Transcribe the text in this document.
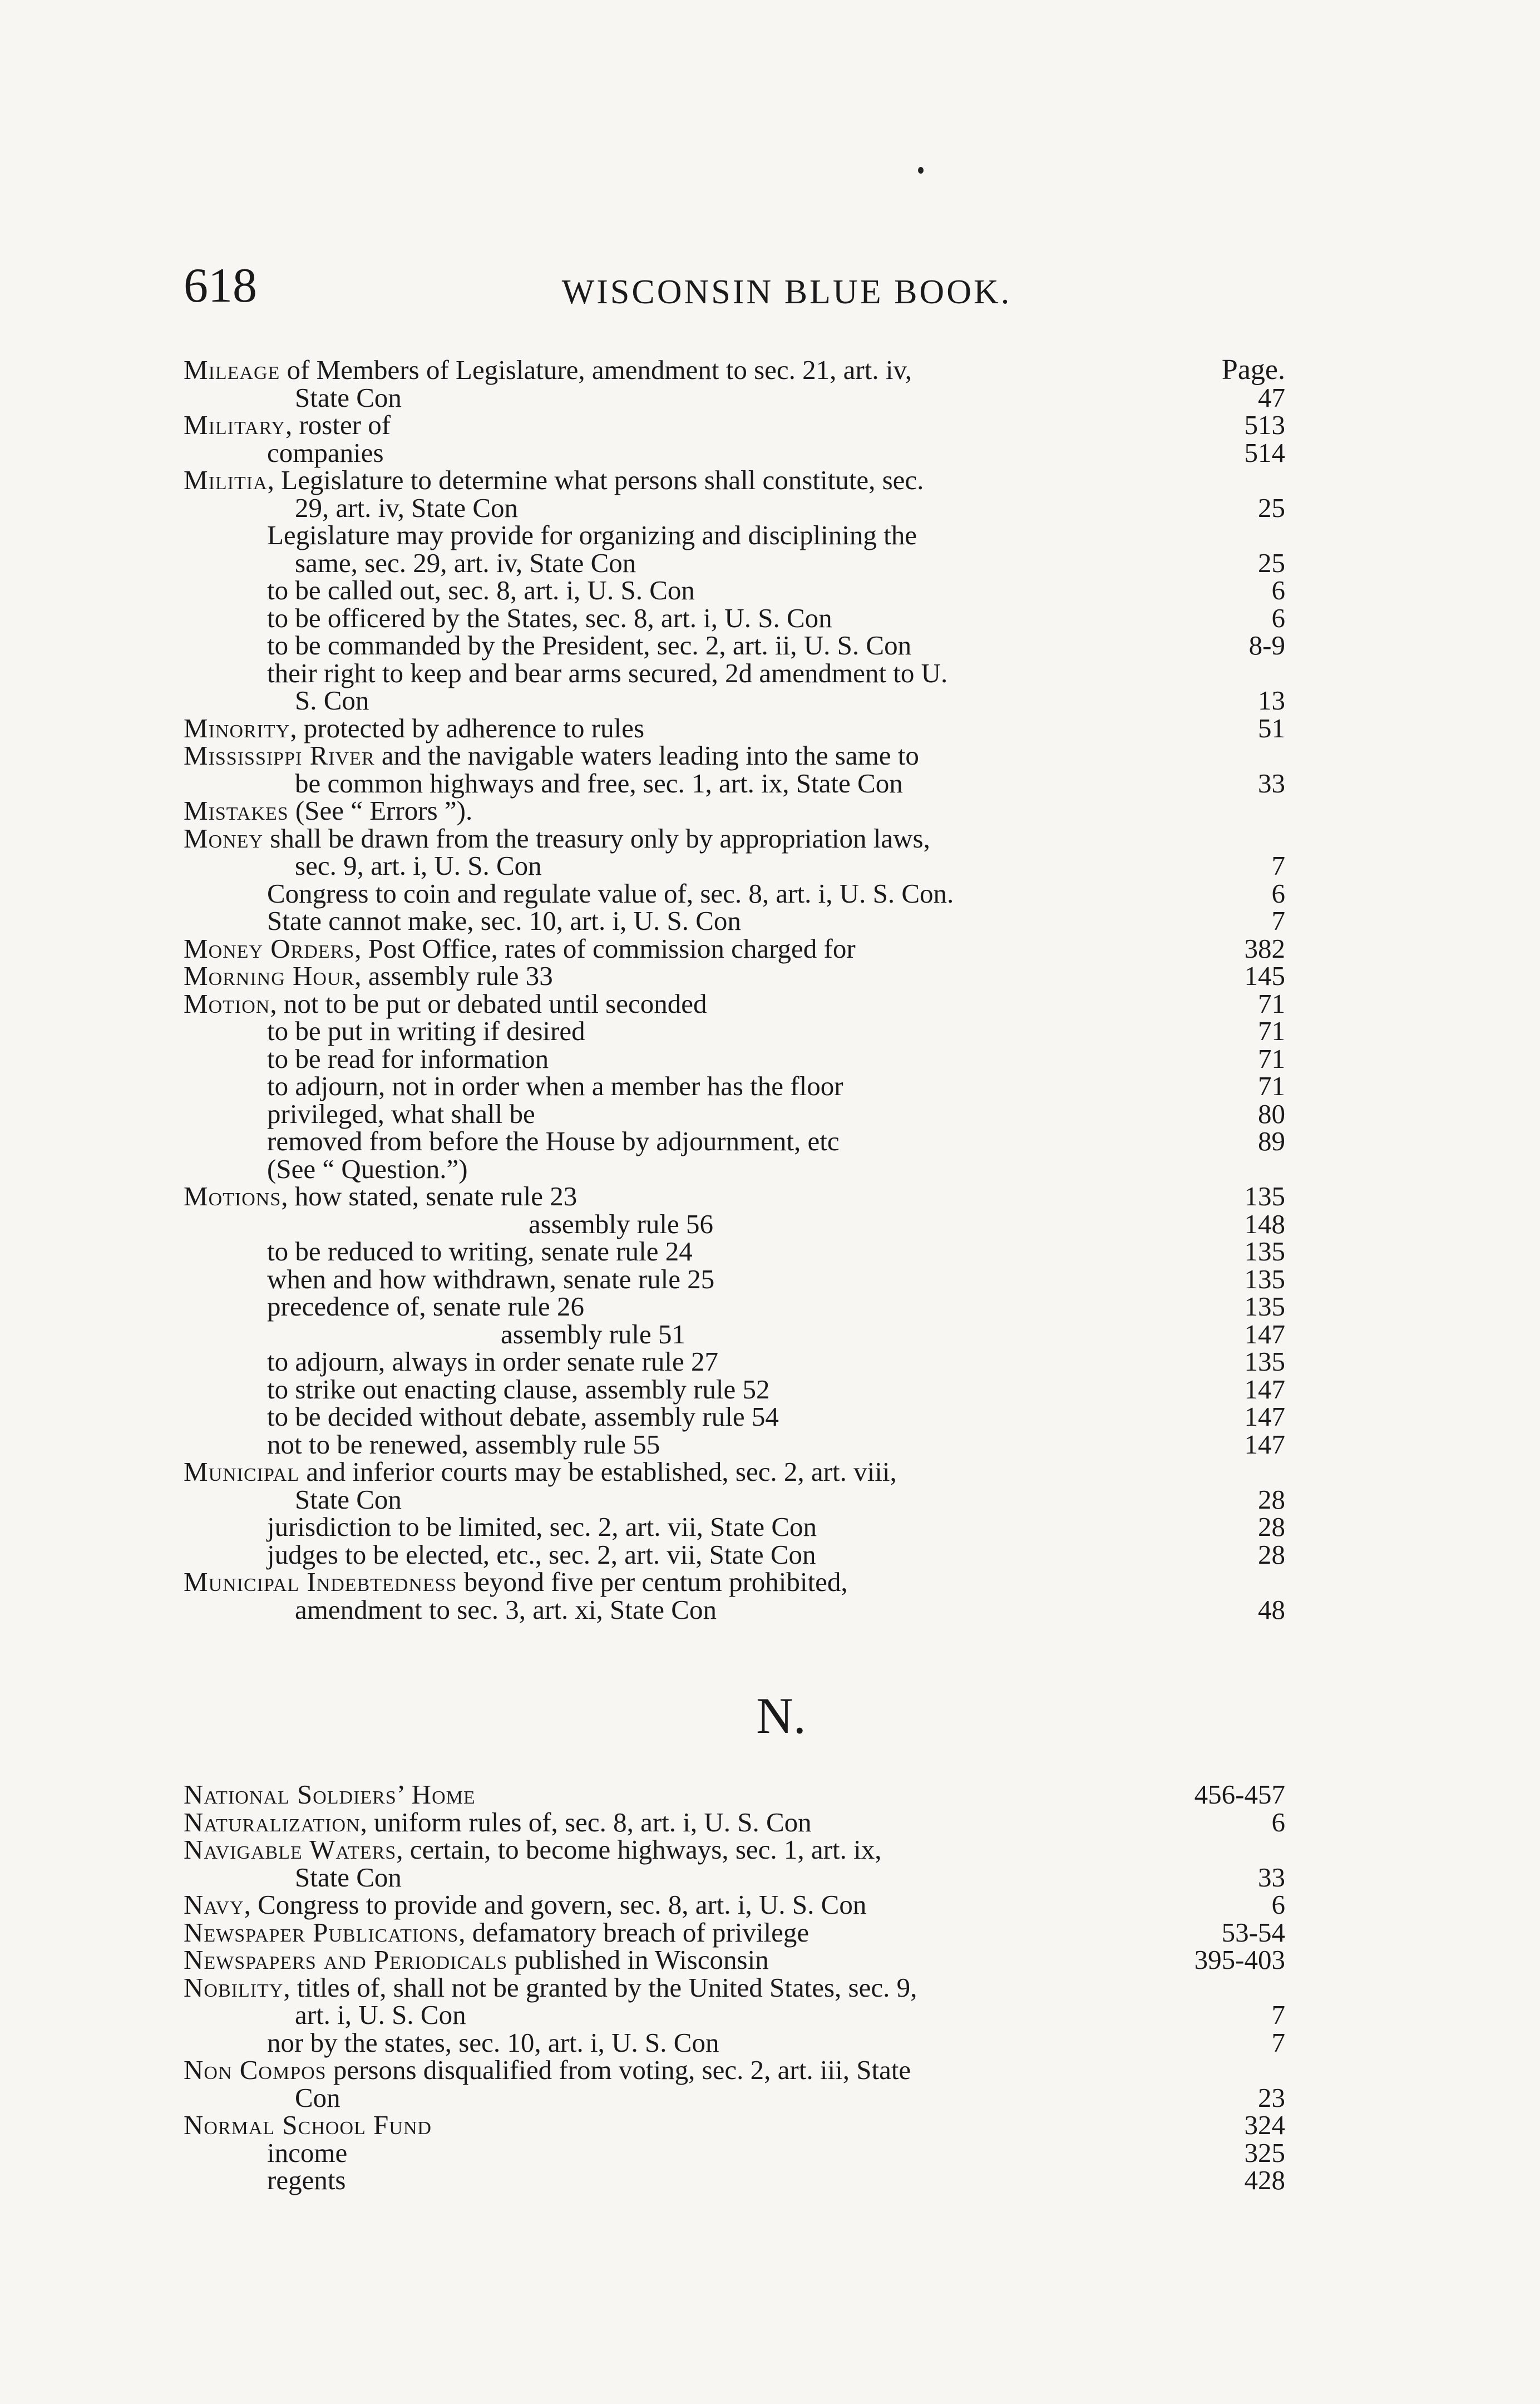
618	WISCONSIN BLUE BOOK.
Mileage of Members of Legislature, amendment to sec. 21, art. iv,	Page.
State Con	47
Military, roster of	513
companies	514
Militia, Legislature to determine what persons shall constitute, sec.
29, art. iv, State Con	25
Legislature may provide for organizing and disciplining the
same, sec. 29, art. iv, State Con	25
to be called out, sec. 8, art. i, U. S. Con	6
to be officered by the States, sec. 8, art. i, U. S. Con	6
to be commanded by the President, sec. 2, art. ii, U. S. Con	8-9
their right to keep and bear arms secured, 2d amendment to U.
S. Con	13
Minority, protected by adherence to rules	51
Mississippi River and the navigable waters leading into the same to
be common highways and free, sec. 1, art. ix, State Con	33
Mistakes (See “ Errors ”).
Money shall be drawn from the treasury only by appropriation laws,
sec. 9, art. i, U. S. Con	7
Congress to coin and regulate value of, sec. 8, art. i, U. S. Con.	6
State cannot make, sec. 10, art. i, U. S. Con	7
Money Orders, Post Office, rates of commission charged for	382
Morning Hour, assembly rule 33	145
Motion, not to be put or debated until seconded	71
to be put in writing if desired	71
to be read for information	71
to adjourn, not in order when a member has the floor	71
privileged, what shall be	80
removed from before the House by adjournment, etc	89
(See “ Question.”)
Motions, how stated, senate rule 23	135
assembly rule 56	148
to be reduced to writing, senate rule 24	135
when and how withdrawn, senate rule 25	135
precedence of, senate rule 26	135
assembly rule 51	147
to adjourn, always in order senate rule 27	135
to strike out enacting clause, assembly rule 52	147
to be decided without debate, assembly rule 54	147
not to be renewed, assembly rule 55	147
Municipal and inferior courts may be established, sec. 2, art. viii,
State Con	28
jurisdiction to be limited, sec. 2, art. vii, State Con	28
judges to be elected, etc., sec. 2, art. vii, State Con	28
Municipal Indebtedness beyond five per centum prohibited,
amendment to sec. 3, art. xi, State Con	48
N.
National Soldiers’ Home	456-457
Naturalization, uniform rules of, sec. 8, art. i, U. S. Con	6
Navigable Waters, certain, to become highways, sec. 1, art. ix,
State Con	33
Navy, Congress to provide and govern, sec. 8, art. i, U. S. Con	6
Newspaper Publications, defamatory breach of privilege	53-54
Newspapers and Periodicals published in Wisconsin	395-403
Nobility, titles of, shall not be granted by the United States, sec. 9,
art. i, U. S. Con	7
nor by the states, sec. 10, art. i, U. S. Con	7
Non Compos persons disqualified from voting, sec. 2, art. iii, State
Con	23
Normal School Fund	324
income	325
regents	428
